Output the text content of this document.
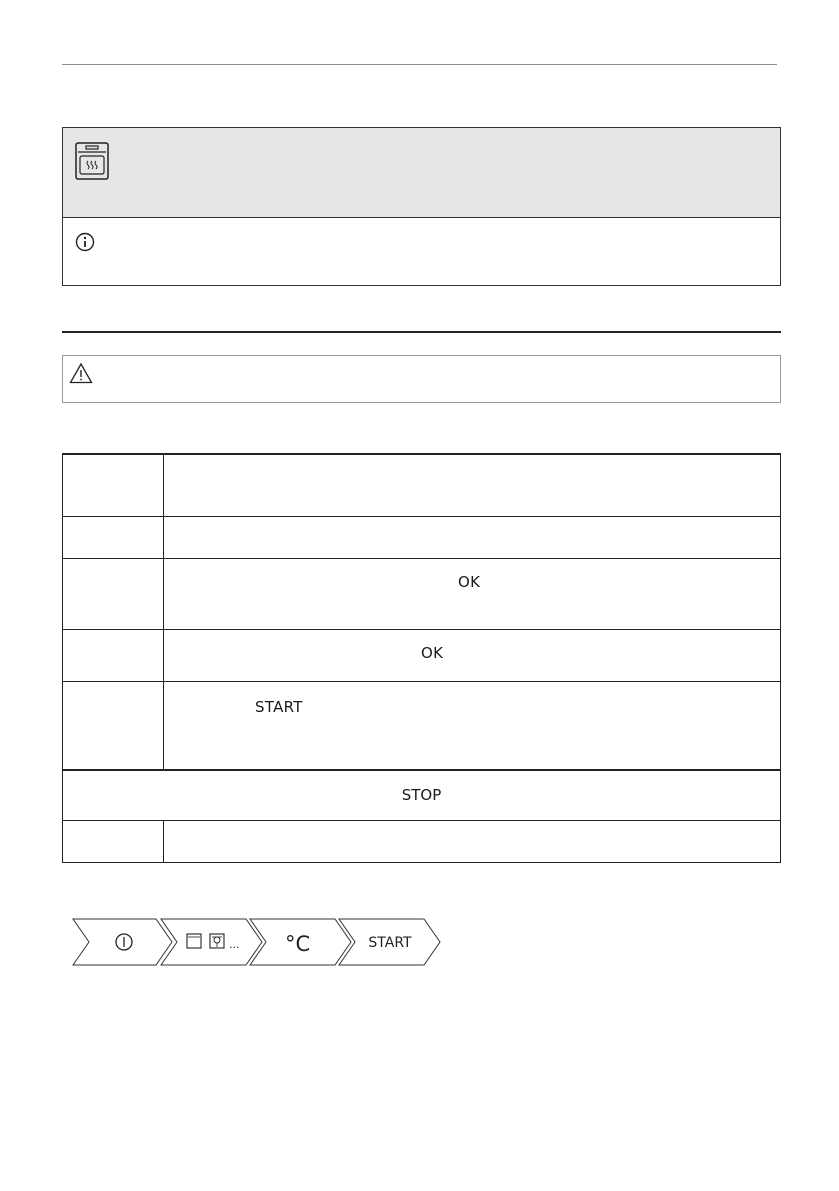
	OK

	OK

	START

STOP	

... °C	START
